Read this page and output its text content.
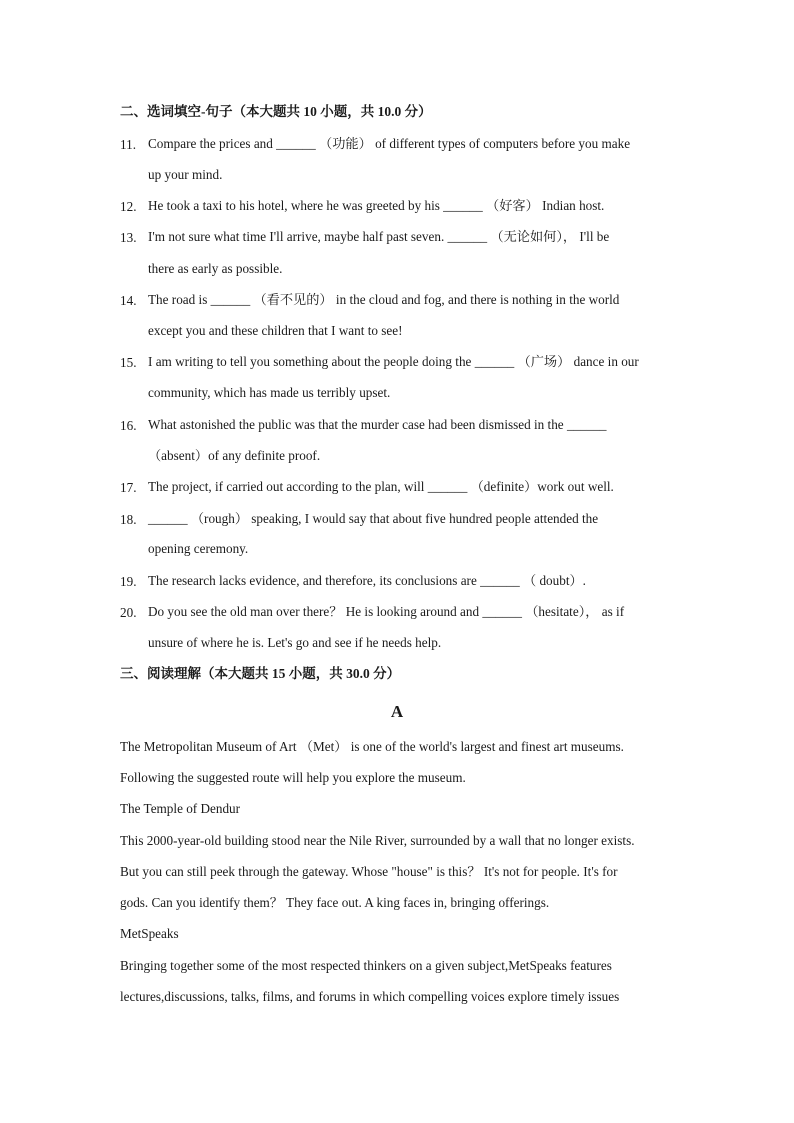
二、选词填空-句子（本大题共 10 小题，共 10.0 分）
11. Compare the prices and ______ （功能） of different types of computers before you make
up your mind.
12. He took a taxi to his hotel, where he was greeted by his ______ （好客） Indian host.
13. I'm not sure what time I'll arrive, maybe half past seven. ______ （无论如何）， I'll be
there as early as possible.
14. The road is ______ （看不见的） in the cloud and fog, and there is nothing in the world
except you and these children that I want to see!
15. I am writing to tell you something about the people doing the ______ （广场） dance in our
community, which has made us terribly upset.
16. What astonished the public was that the murder case had been dismissed in the ______
（absent）of any definite proof.
17. The project, if carried out according to the plan, will ______ （definite）work out well.
18. ______ （rough） speaking, I would say that about five hundred people attended the
opening ceremony.
19. The research lacks evidence, and therefore, its conclusions are ______ （ doubt）.
20. Do you see the old man over there？ He is looking around and ______ （hesitate）， as if
unsure of where he is. Let's go and see if he needs help.
三、阅读理解（本大题共 15 小题，共 30.0 分）
A
The Metropolitan Museum of Art （Met） is one of the world's largest and finest art museums.
Following the suggested route will help you explore the museum.
The Temple of Dendur
This 2000-year-old building stood near the Nile River, surrounded by a wall that no longer exists.
But you can still peek through the gateway. Whose "house" is this？ It's not for people. It's for
gods. Can you identify them？ They face out. A king faces in, bringing offerings.
MetSpeaks
Bringing together some of the most respected thinkers on a given subject,MetSpeaks features
lectures,discussions, talks, films, and forums in which compelling voices explore timely issues
